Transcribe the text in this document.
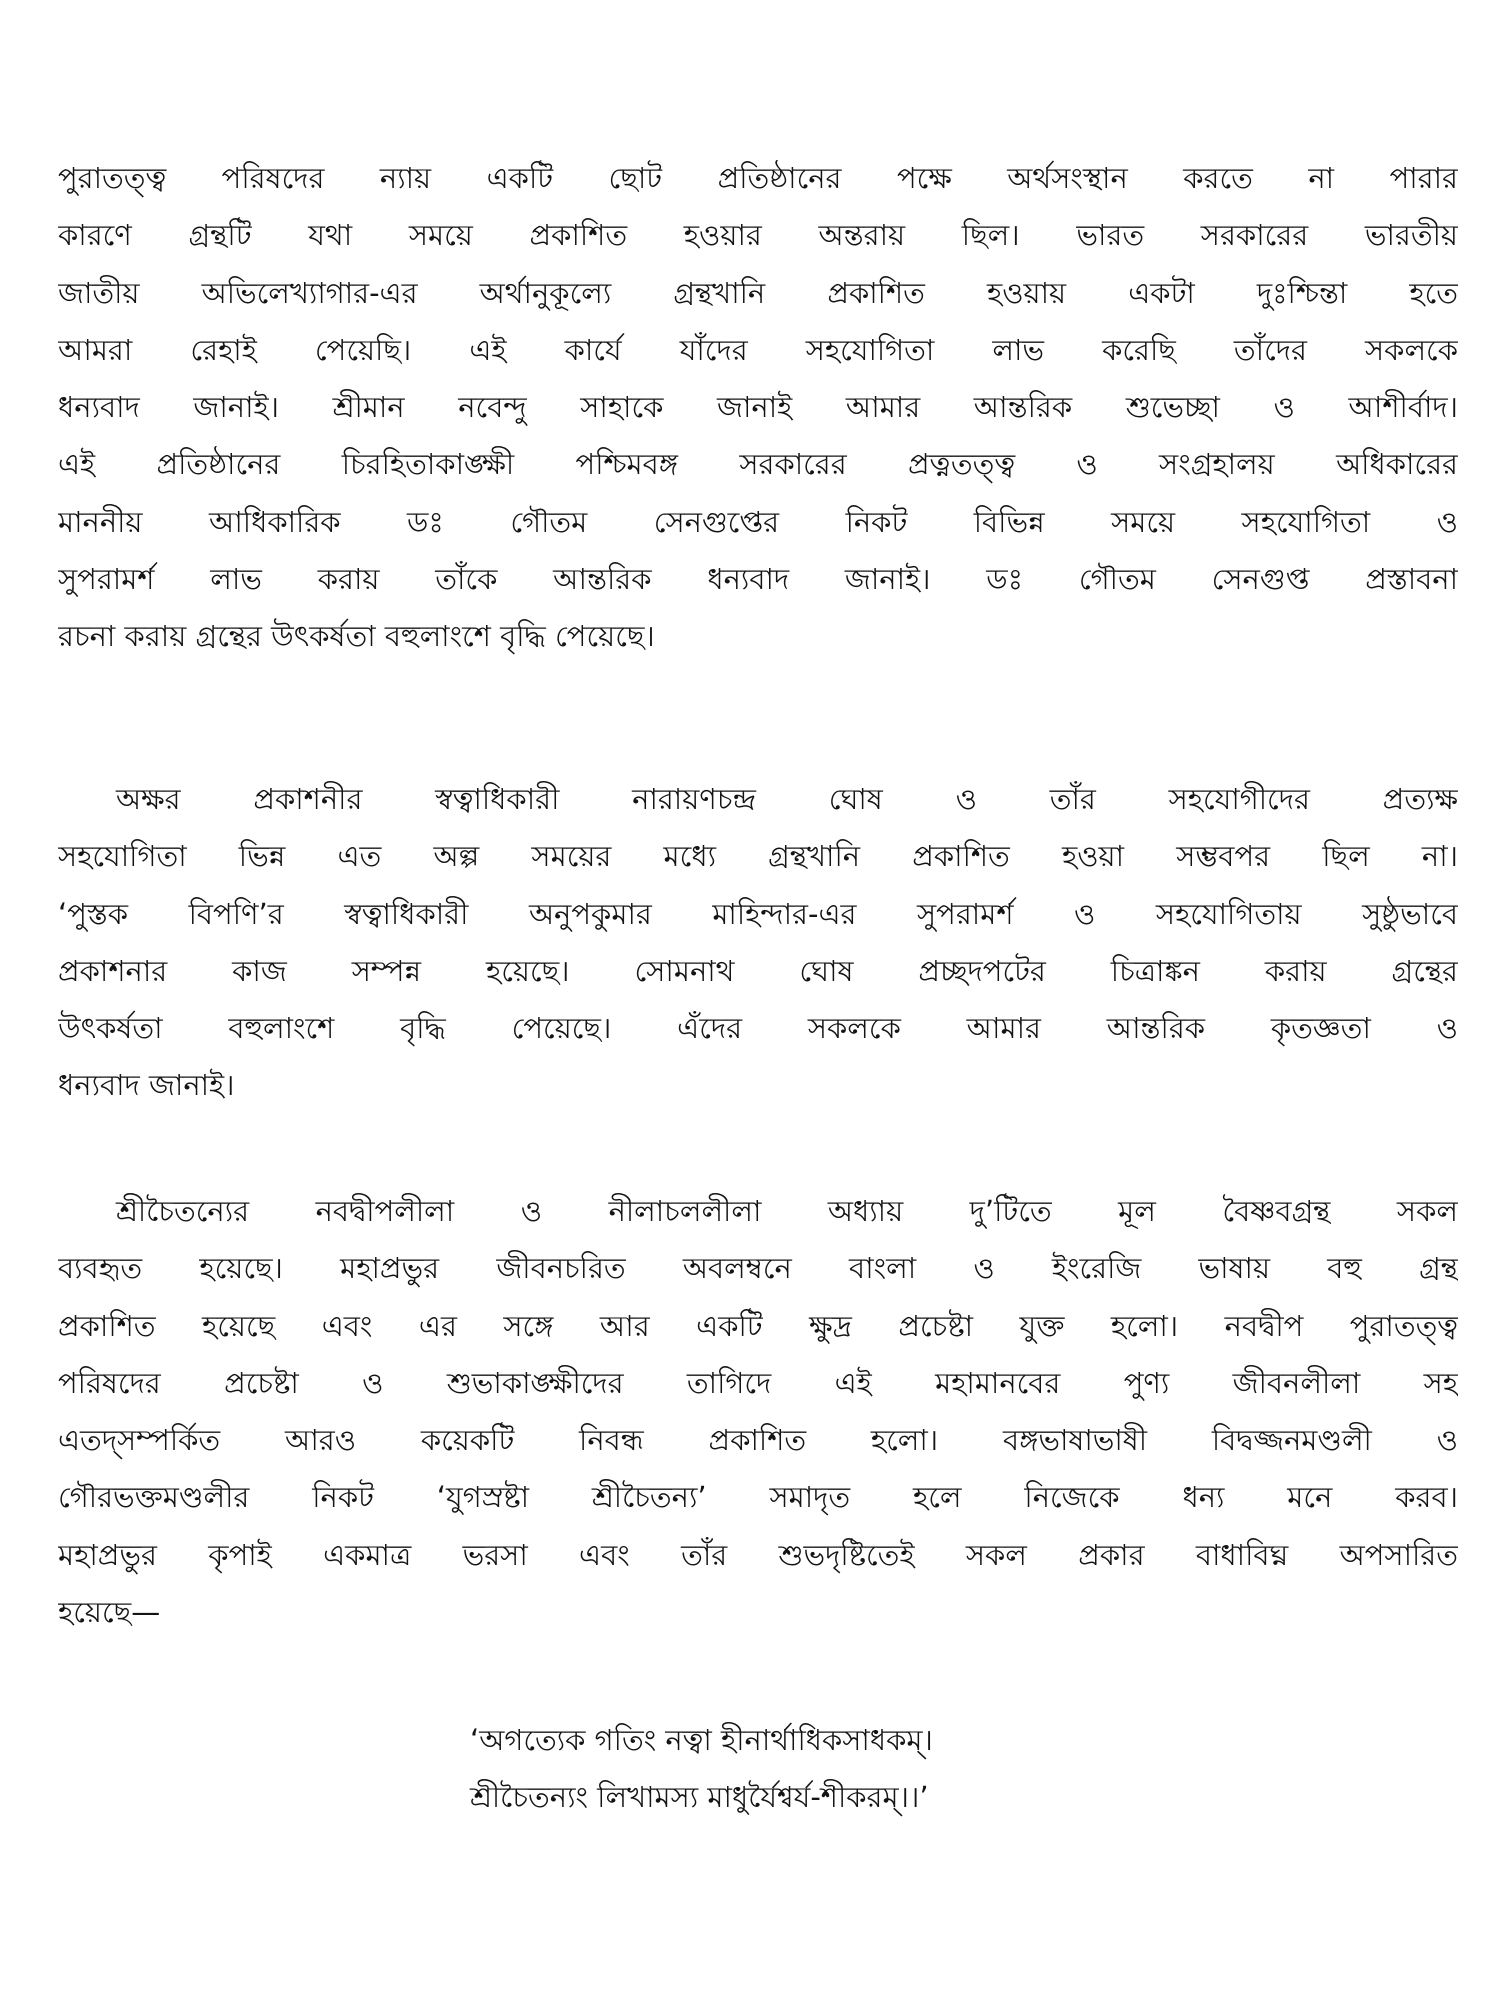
পুরাতত্ত্ব পরিষদের ন্যায় একটি ছোট প্রতিষ্ঠানের পক্ষে অর্থসংস্থান করতে না পারার
কারণে গ্রন্থটি যথা সময়ে প্রকাশিত হওয়ার অন্তরায় ছিল। ভারত সরকারের ভারতীয়
জাতীয় অভিলেখ্যাগার-এর অর্থানুকূল্যে গ্রন্থখানি প্রকাশিত হওয়ায় একটা দুঃশ্চিন্তা হতে
আমরা রেহাই পেয়েছি। এই কার্যে যাঁদের সহযোগিতা লাভ করেছি তাঁদের সকলকে
ধন্যবাদ জানাই। শ্রীমান নবেন্দু সাহাকে জানাই আমার আন্তরিক শুভেচ্ছা ও আশীর্বাদ।
এই প্রতিষ্ঠানের চিরহিতাকাঙ্ক্ষী পশ্চিমবঙ্গ সরকারের প্রত্নতত্ত্ব ও সংগ্রহালয় অধিকারের
মাননীয় আধিকারিক ডঃ গৌতম সেনগুপ্তের নিকট বিভিন্ন সময়ে সহযোগিতা ও
সুপরামর্শ লাভ করায় তাঁকে আন্তরিক ধন্যবাদ জানাই। ডঃ গৌতম সেনগুপ্ত প্রস্তাবনা
রচনা করায় গ্রন্থের উৎকর্ষতা বহুলাংশে বৃদ্ধি পেয়েছে।
অক্ষর প্রকাশনীর স্বত্বাধিকারী নারায়ণচন্দ্র ঘোষ ও তাঁর সহযোগীদের প্রত্যক্ষ
সহযোগিতা ভিন্ন এত অল্প সময়ের মধ্যে গ্রন্থখানি প্রকাশিত হওয়া সম্ভবপর ছিল না।
‘পুস্তক বিপণি’র স্বত্বাধিকারী অনুপকুমার মাহিন্দার-এর সুপরামর্শ ও সহযোগিতায় সুষ্ঠুভাবে
প্রকাশনার কাজ সম্পন্ন হয়েছে। সোমনাথ ঘোষ প্রচ্ছদপটের চিত্রাঙ্কন করায় গ্রন্থের
উৎকর্ষতা বহুলাংশে বৃদ্ধি পেয়েছে। এঁদের সকলকে আমার আন্তরিক কৃতজ্ঞতা ও
ধন্যবাদ জানাই।
শ্রীচৈতন্যের নবদ্বীপলীলা ও নীলাচললীলা অধ্যায় দু’টিতে মূল বৈষ্ণবগ্রন্থ সকল
ব্যবহৃত হয়েছে। মহাপ্রভুর জীবনচরিত অবলম্বনে বাংলা ও ইংরেজি ভাষায় বহু গ্রন্থ
প্রকাশিত হয়েছে এবং এর সঙ্গে আর একটি ক্ষুদ্র প্রচেষ্টা যুক্ত হলো। নবদ্বীপ পুরাতত্ত্ব
পরিষদের প্রচেষ্টা ও শুভাকাঙ্ক্ষীদের তাগিদে এই মহামানবের পুণ্য জীবনলীলা সহ
এতদ্সম্পর্কিত আরও কয়েকটি নিবন্ধ প্রকাশিত হলো। বঙ্গভাষাভাষী বিদ্বজ্জনমণ্ডলী ও
গৌরভক্তমণ্ডলীর নিকট ‘যুগস্রষ্টা শ্রীচৈতন্য’ সমাদৃত হলে নিজেকে ধন্য মনে করব।
মহাপ্রভুর কৃপাই একমাত্র ভরসা এবং তাঁর শুভদৃষ্টিতেই সকল প্রকার বাধাবিঘ্ন অপসারিত
হয়েছে—
‘অগত্যেক গতিং নত্বা হীনার্থাধিকসাধকম্।
শ্রীচৈতন্যং লিখামস্য মাধুর্যৈশ্বর্য-শীকরম্।।’
